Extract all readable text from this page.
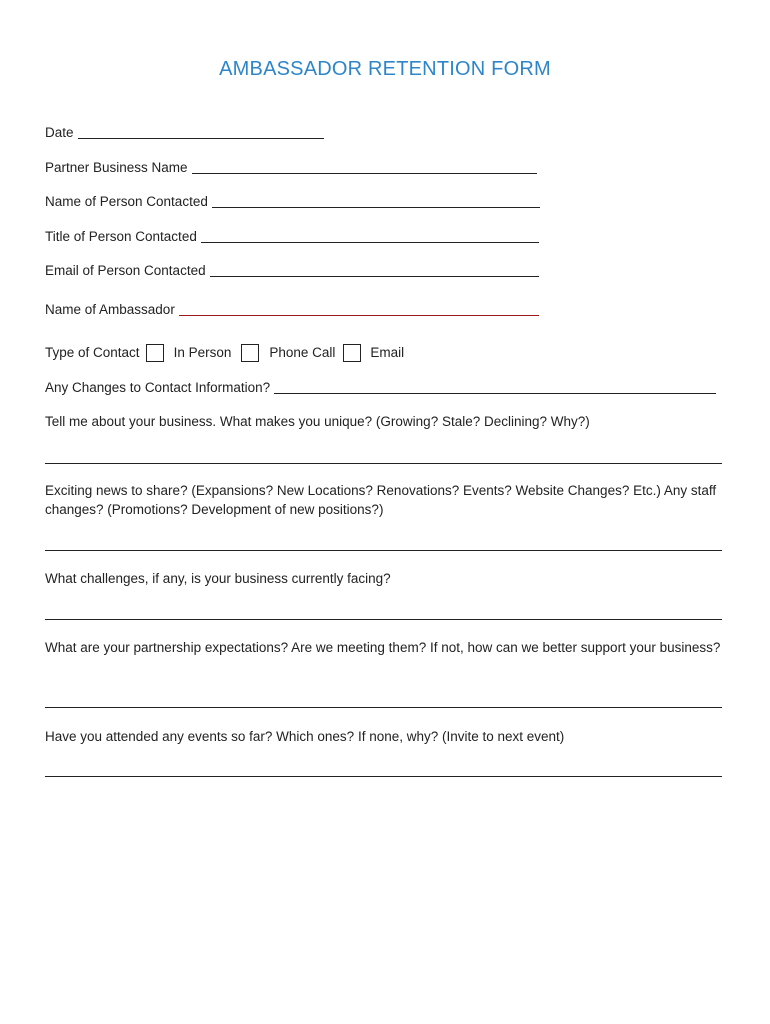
AMBASSADOR RETENTION FORM
Date
Partner Business Name
Name of Person Contacted
Title of Person Contacted
Email of Person Contacted
Name of Ambassador
Type of Contact	In Person	Phone Call	Email
Any Changes to Contact Information?
Tell me about your business. What makes you unique? (Growing? Stale? Declining? Why?)
Exciting news to share? (Expansions? New Locations? Renovations? Events? Website Changes? Etc.) Any staff changes? (Promotions? Development of new positions?)
What challenges, if any, is your business currently facing?
What are your partnership expectations? Are we meeting them? If not, how can we better support your business?
Have you attended any events so far? Which ones? If none, why? (Invite to next event)
